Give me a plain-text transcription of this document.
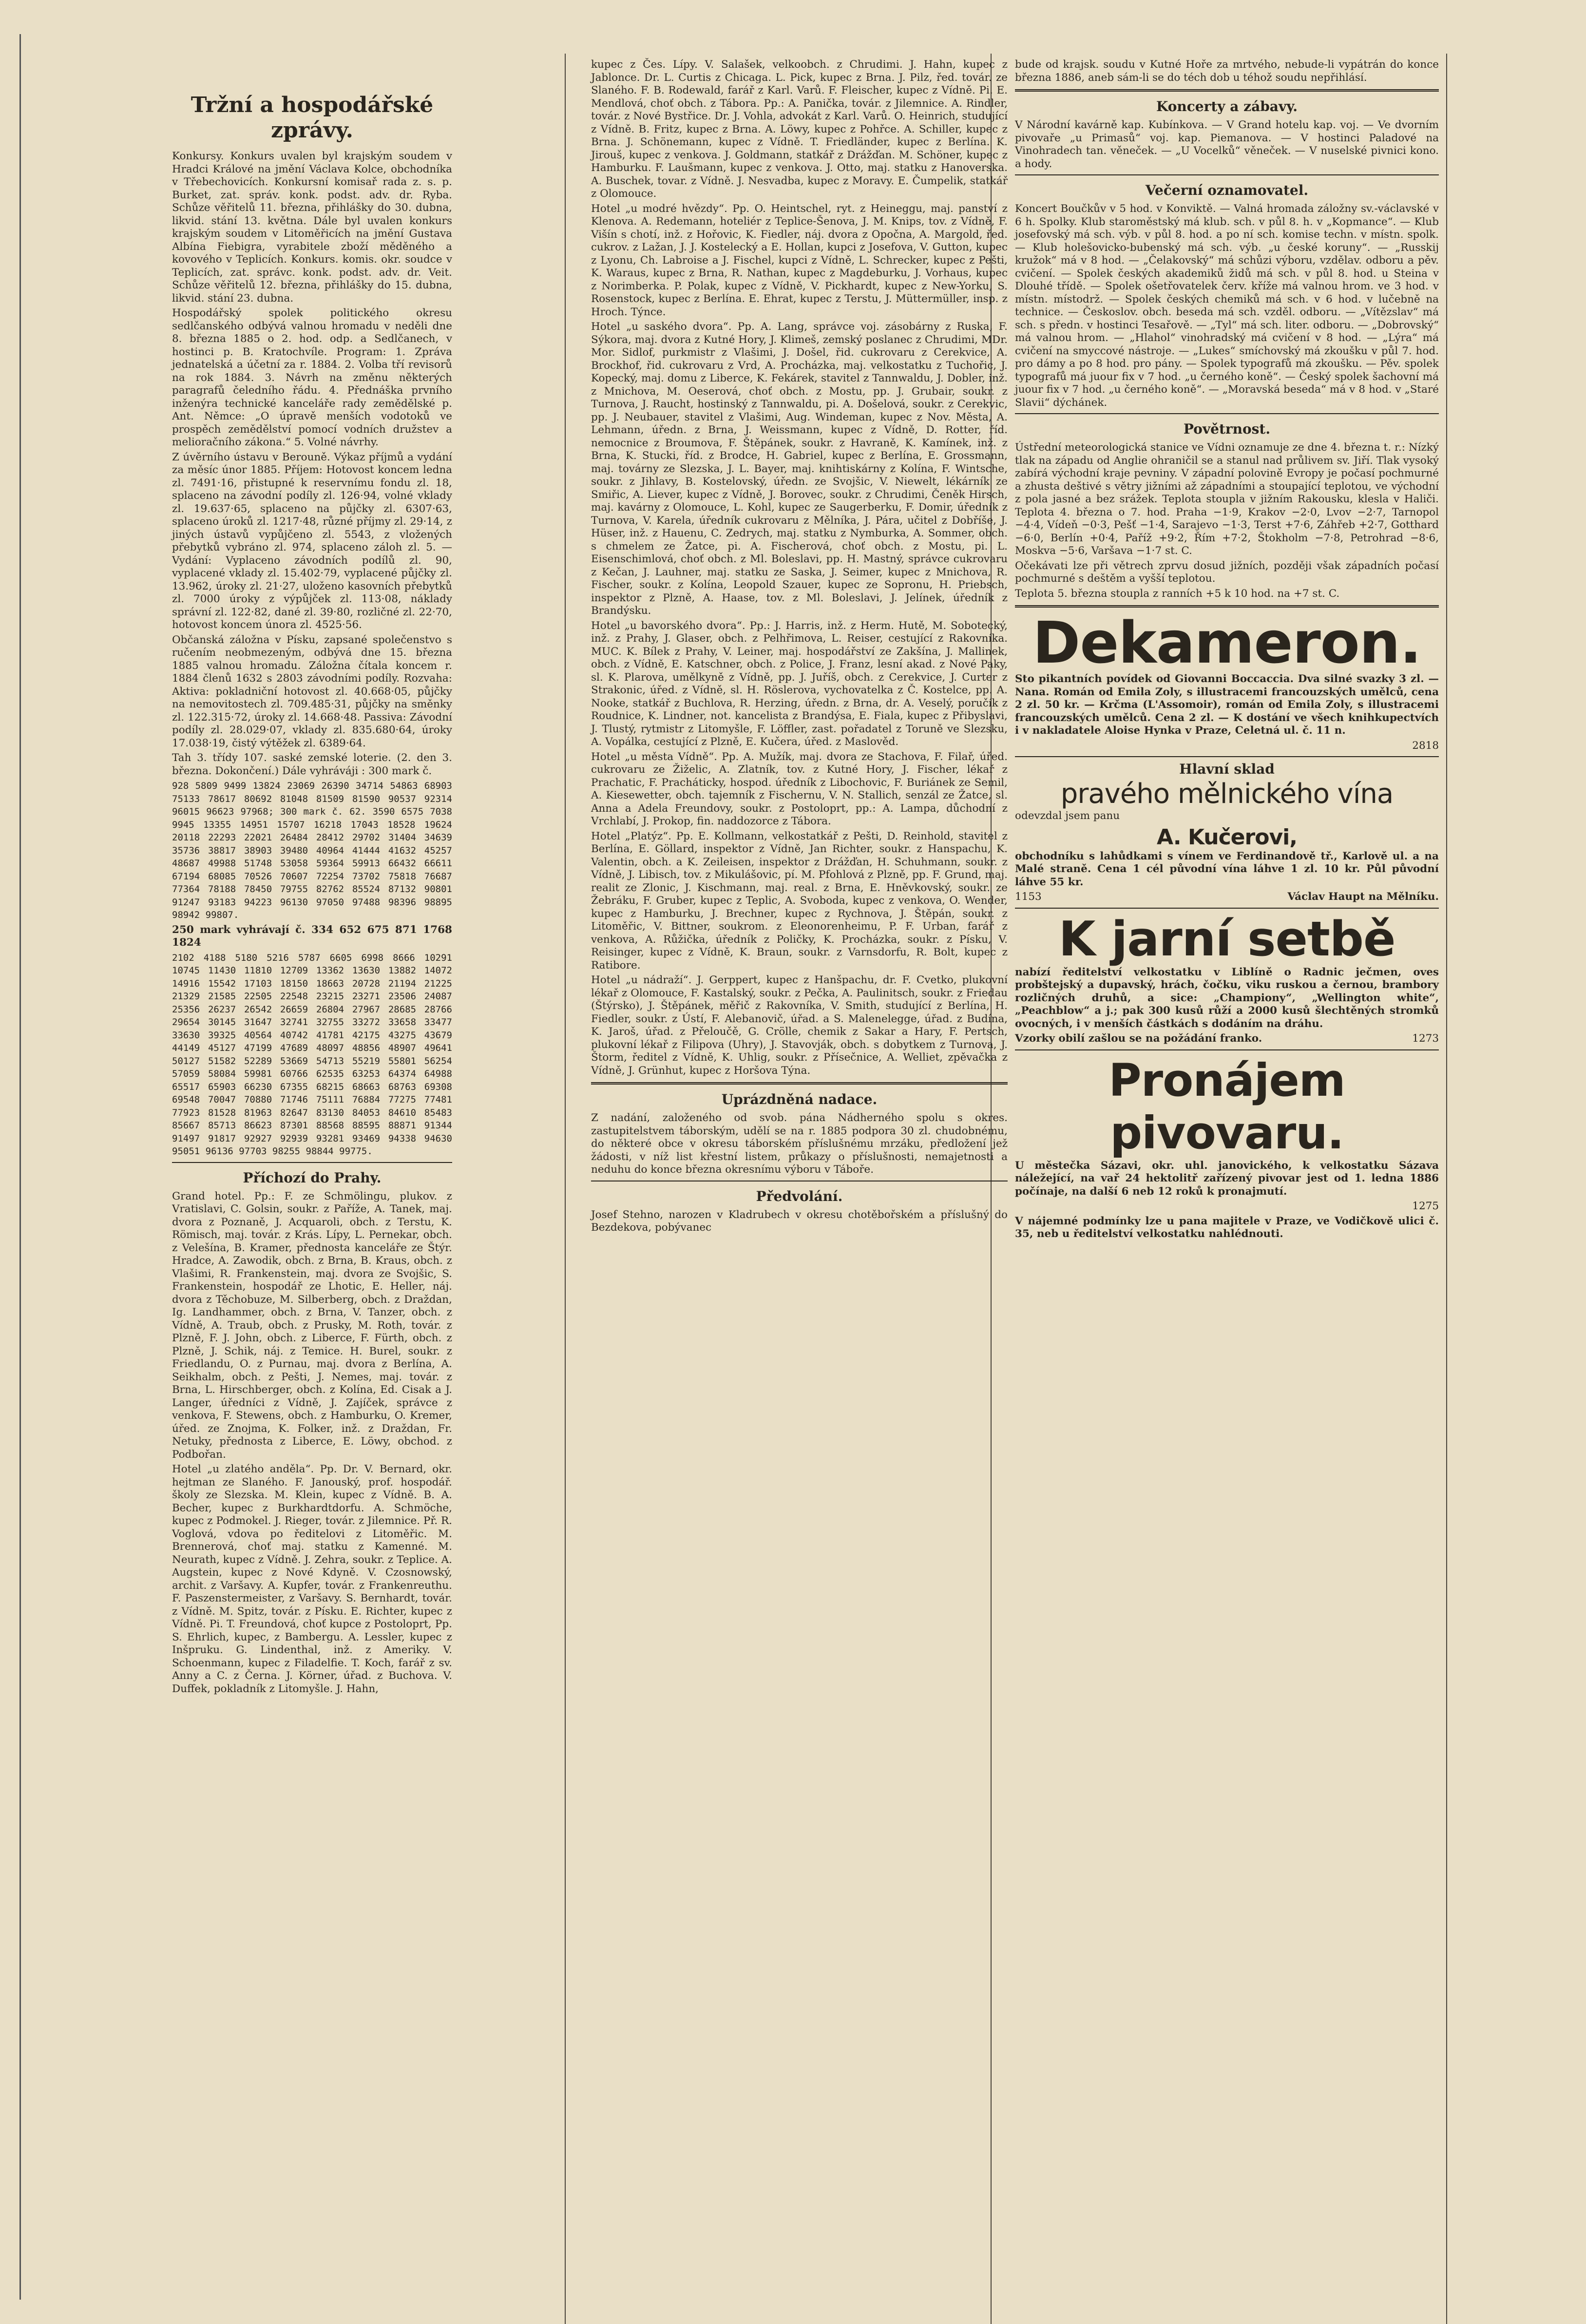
Tržní a hospodářské zprávy.

Konkursy. Konkurs uvalen byl krajským soudem v Hradci Králové na jmění Václava Kolce, obchodníka v Třebechovicích. Konkursní komisař rada z. s. p. Burket, zat. správ. konk. podst. adv. dr. Ryba. Schůze věřitelů 11. března, přihlášky do 30. dubna, likvid. stání 13. května. Dále byl uvalen konkurs krajským soudem v Litoměřicích na jmění Gustava Albína Fiebigra, vyrabitele zboží měděného a kovového v Teplicích. Konkurs. komis. okr. soudce v Teplicích, zat. správc. konk. podst. adv. dr. Veit. Schůze věřitelů 12. března, přihlášky do 15. dubna, likvid. stání 23. dubna.

Hospodářský spolek politického okresu sedlčanského odbývá valnou hromadu v neděli dne 8. března 1885 o 2. hod. odp. a Sedlčanech, v hostinci p. B. Kratochvíle. Program: 1. Zpráva jednatelská a účetní za r. 1884. 2. Volba tří revisorů na rok 1884. 3. Návrh na změnu některých paragrafů čeledního řádu. 4. Přednáška prvního inženýra technické kanceláře rady zemědělské p. Ant. Němce: „O úpravě menších vodotoků ve prospěch zemědělství pomocí vodních družstev a melioračního zákona.“ 5. Volné návrhy.

Z úvěrního ústavu v Berouně. Výkaz příjmů a vydání za měsíc únor 1885. Příjem: Hotovost koncem ledna zl. 7491·16, přistupné k reservnímu fondu zl. 18, splaceno na závodní podíly zl. 126·94, volné vklady zl. 19.637·65, splaceno na půjčky zl. 6307·63, splaceno úroků zl. 1217·48, různé příjmy zl. 29·14, z jiných ústavů vypůjčeno zl. 5543, z vložených přebytků vybráno zl. 974, splaceno záloh zl. 5. — Vydání: Vyplaceno závodních podílů zl. 90, vyplacené vklady zl. 15.402·79, vyplacené půjčky zl. 13.962, úroky zl. 21·27, uloženo kasovních přebytků zl. 7000 úroky z výpůjček zl. 113·08, náklady správní zl. 122·82, dané zl. 39·80, rozličné zl. 22·70, hotovost koncem února zl. 4525·56.

Občanská záložna v Písku, zapsané společenstvo s ručením neobmezeným, odbývá dne 15. března 1885 valnou hromadu. Záložna čítala koncem r. 1884 členů 1632 s 2803 závodními podíly. Rozvaha: Aktiva: pokladniční hotovost zl. 40.668·05, půjčky na nemovitostech zl. 709.485·31, půjčky na směnky zl. 122.315·72, úroky zl. 14.668·48. Passiva: Závodní podíly zl. 28.029·07, vklady zl. 835.680·64, úroky 17.038·19, čistý výtěžek zl. 6389·64.

Tah 3. třídy 107. saské zemské loterie. (2. den 3. března. Dokončení.) Dále vyhráváji : 300 mark č.

928 5809 9499 13824 23069 26390 34714 54863 68903 75133 78617 80692 81048 81509 81590 90537 92314 96015 96623 97968; 300 mark č. 62. 3590 6575 7038 9945 13355 14951 15707 16218 17043 18528 19624 20118 22293 22021 26484 28412 29702 31404 34639 35736 38817 38903 39480 40964 41444 41632 45257 48687 49988 51748 53058 59364 59913 66432 66611 67194 68085 70526 70607 72254 73702 75818 76687 77364 78188 78450 79755 82762 85524 87132 90801 91247 93183 94223 96130 97050 97488 98396 98895 98942 99807.

250 mark vyhrávají č. 334 652 675 871 1768 1824

2102 4188 5180 5216 5787 6605 6998 8666 10291 10745 11430 11810 12709 13362 13630 13882 14072 14916 15542 17103 18150 18663 20728 21194 21225 21329 21585 22505 22548 23215 23271 23506 24087 25356 26237 26542 26659 26804 27967 28685 28766 29654 30145 31647 32741 32755 33272 33658 33477 33630 39325 40564 40742 41781 42175 43275 43679 44149 45127 47199 47689 48097 48856 48907 49641 50127 51582 52289 53669 54713 55219 55801 56254 57059 58084 59981 60766 62535 63253 64374 64988 65517 65903 66230 67355 68215 68663 68763 69308 69548 70047 70880 71746 75111 76884 77275 77481 77923 81528 81963 82647 83130 84053 84610 85483 85667 85713 86623 87301 88568 88595 88871 91344 91497 91817 92927 92939 93281 93469 94338 94630 95051 96136 97703 98255 98844 99775.

Příchozí do Prahy.

Grand hotel. Pp.: F. ze Schmölingu, plukov. z Vratislavi, C. Golsin, soukr. z Paříže, A. Tanek, maj. dvora z Poznaně, J. Acquaroli, obch. z Terstu, K. Römisch, maj. továr. z Krás. Lípy, L. Pernekar, obch. z Velešína, B. Kramer, přednosta kanceláře ze Štýr. Hradce, A. Zawodik, obch. z Brna, B. Kraus, obch. z Vlašimi, R. Frankenstein, maj. dvora ze Svojšic, S. Frankenstein, hospodář ze Lhotic, E. Heller, náj. dvora z Těchobuze, M. Silberberg, obch. z Draždan, Ig. Landhammer, obch. z Brna, V. Tanzer, obch. z Vídně, A. Traub, obch. z Prusky, M. Roth, továr. z Plzně, F. J. John, obch. z Liberce, F. Fürth, obch. z Plzně, J. Schik, náj. z Temice. H. Burel, soukr. z Friedlandu, O. z Purnau, maj. dvora z Berlína, A. Seikhalm, obch. z Pešti, J. Nemes, maj. továr. z Brna, L. Hirschberger, obch. z Kolína, Ed. Cisak a J. Langer, úředníci z Vídně, J. Zajíček, správce z venkova, F. Stewens, obch. z Hamburku, O. Kremer, úřed. ze Znojma, K. Folker, inž. z Draždan, Fr. Netuky, přednosta z Liberce, E. Löwy, obchod. z Podbořan.

Hotel „u zlatého anděla“. Pp. Dr. V. Bernard, okr. hejtman ze Slaného. F. Janouský, prof. hospodář. školy ze Slezska. M. Klein, kupec z Vídně. B. A. Becher, kupec z Burkhardtdorfu. A. Schmöche, kupec z Podmokel. J. Rieger, továr. z Jilemnice. Př. R. Voglová, vdova po ředitelovi z Litoměřic. M. Brennerová, choť maj. statku z Kamenné. M. Neurath, kupec z Vídně. J. Zehra, soukr. z Teplice. A. Augstein, kupec z Nové Kdyně. V. Czosnowský, archit. z Varšavy. A. Kupfer, továr. z Frankenreuthu. F. Paszenstermeister, z Varšavy. S. Bernhardt, továr. z Vídně. M. Spitz, továr. z Písku. E. Richter, kupec z Vídně. Pi. T. Freundová, choť kupce z Postoloprt, Pp. S. Ehrlich, kupec, z Bambergu. A. Lessler, kupec z Inšpruku. G. Lindenthal, inž. z Ameriky. V. Schoenmann, kupec z Filadelfie. T. Koch, farář z sv. Anny a C. z Černa. J. Körner, úřad. z Buchova. V. Duffek, pokladník z Litomyšle. J. Hahn,

kupec z Čes. Lípy. V. Salašek, velkoobch. z Chrudimi. J. Hahn, kupec z Jablonce. Dr. L. Curtis z Chicaga. L. Pick, kupec z Brna. J. Pilz, řed. továr. ze Slaného. F. B. Rodewald, farář z Karl. Varů. F. Fleischer, kupec z Vídně. Pi. E. Mendlová, choť obch. z Tábora. Pp.: A. Panička, továr. z Jilemnice. A. Rindler, továr. z Nové Bystřice. Dr. J. Vohla, advokát z Karl. Varů. O. Heinrich, studující z Vídně. B. Fritz, kupec z Brna. A. Löwy, kupec z Pohřce. A. Schiller, kupec z Brna. J. Schönemann, kupec z Vídně. T. Friedländer, kupec z Berlína. K. Jirouš, kupec z venkova. J. Goldmann, statkář z Drážďan. M. Schöner, kupec z Hamburku. F. Laušmann, kupec z venkova. J. Otto, maj. statku z Hanoverska. A. Buschek, tovar. z Vídně. J. Nesvadba, kupec z Moravy. E. Čumpelik, statkář z Olomouce.

Hotel „u modré hvězdy“. Pp. O. Heintschel, ryt. z Heineggu, maj. panství z Klenova. A. Redemann, hoteliér z Teplice-Šenova, J. M. Knips, tov. z Vídně, F. Višín s chotí, inž. z Hořovic, K. Fiedler, náj. dvora z Opočna, A. Margold, řed. cukrov. z Lažan, J. J. Kostelecký a E. Hollan, kupci z Josefova, V. Gutton, kupec z Lyonu, Ch. Labroise a J. Fischel, kupci z Vídně, L. Schrecker, kupec z Pešti, K. Waraus, kupec z Brna, R. Nathan, kupec z Magdeburku, J. Vorhaus, kupec z Norimberka. P. Polak, kupec z Vídně, V. Pickhardt, kupec z New-Yorku, S. Rosenstock, kupec z Berlína. E. Ehrat, kupec z Terstu, J. Müttermüller, insp. z Hroch. Týnce.

Hotel „u saského dvora“. Pp. A. Lang, správce voj. zásobárny z Ruska, F. Sýkora, maj. dvora z Kutné Hory, J. Klimeš, zemský poslanec z Chrudimi, MDr. Mor. Sidlof, purkmistr z Vlašimi, J. Došel, řid. cukrovaru z Cerekvice, A. Brockhof, řid. cukrovaru z Vrd, A. Procházka, maj. velkostatku z Tuchořic, J. Kopecký, maj. domu z Liberce, K. Fekárek, stavitel z Tannwaldu, J. Dobler, inž. z Mnichova, M. Oeserová, choť obch. z Mostu, pp. J. Grubair, soukr. z Turnova, J. Raucht, hostinský z Tannwaldu, pi. A. Došelová, soukr. z Cerekvic, pp. J. Neubauer, stavitel z Vlašimi, Aug. Windeman, kupec z Nov. Města, A. Lehmann, úředn. z Brna, J. Weissmann, kupec z Vídně, D. Rotter, říd. nemocnice z Broumova, F. Štěpánek, soukr. z Havraně, K. Kamínek, inž. z Brna, K. Stucki, říd. z Brodce, H. Gabriel, kupec z Berlína, E. Grossmann, maj. továrny ze Slezska, J. L. Bayer, maj. knihtiskárny z Kolína, F. Wintsche, soukr. z Jihlavy, B. Kostelovský, úředn. ze Svojšic, V. Niewelt, lékárník ze Smiřic, A. Liever, kupec z Vídně, J. Borovec, soukr. z Chrudimi, Čeněk Hirsch, maj. kavárny z Olomouce, L. Kohl, kupec ze Saugerberku, F. Domir, úředník z Turnova, V. Karela, úředník cukrovaru z Mělníka, J. Pára, učitel z Dobříše, J. Hüser, inž. z Hauenu, C. Zedrych, maj. statku z Nymburka, A. Sommer, obch. s chmelem ze Žatce, pi. A. Fischerová, choť obch. z Mostu, pi. L. Eisenschimlová, choť obch. z Ml. Boleslavi, pp. H. Mastný, správce cukrovaru z Kečan, J. Lauhner, maj. statku ze Saska, J. Seimer, kupec z Mnichova, R. Fischer, soukr. z Kolína, Leopold Szauer, kupec ze Sopronu, H. Priebsch, inspektor z Plzně, A. Haase, tov. z Ml. Boleslavi, J. Jelínek, úředník z Brandýsku.

Hotel „u bavorského dvora“. Pp.: J. Harris, inž. z Herm. Hutě, M. Sobotecký, inž. z Prahy, J. Glaser, obch. z Pelhřimova, L. Reiser, cestující z Rakovníka. MUC. K. Bílek z Prahy, V. Leiner, maj. hospodářství ze Zakšína, J. Mallinek, obch. z Vídně, E. Katschner, obch. z Police, J. Franz, lesní akad. z Nové Paky, sl. K. Plarova, umělkyně z Vídně, pp. J. Juříš, obch. z Cerekvice, J. Curter z Strakonic, úřed. z Vídně, sl. H. Röslerova, vychovatelka z Č. Kostelce, pp. A. Nooke, statkář z Buchlova, R. Herzing, úředn. z Brna, dr. A. Veselý, poručík z Roudnice, K. Lindner, not. kancelista z Brandýsa, E. Fiala, kupec z Přibyslavi, J. Tlustý, rytmistr z Litomyšle, F. Löffler, zast. pořadatel z Toruně ve Slezsku, A. Vopálka, cestující z Plzně, E. Kučera, úřed. z Maslověd.

Hotel „u města Vídně“. Pp. A. Mužík, maj. dvora ze Stachova, F. Filař, úřed. cukrovaru ze Žiželic, A. Zlatník, tov. z Kutné Hory, J. Fischer, lékař z Prachatic, F. Pracháticky, hospod. úředník z Libochovic, F. Buriánek ze Semil, A. Kiesewetter, obch. tajemník z Fischernu, V. N. Stallich, senzál ze Žatce, sl. Anna a Adela Freundovy, soukr. z Postoloprt, pp.: A. Lampa, důchodní z Vrchlabí, J. Prokop, fin. naddozorce z Tábora.

Hotel „Platýz“. Pp. E. Kollmann, velkostatkář z Pešti, D. Reinhold, stavitel z Berlína, E. Göllard, inspektor z Vídně, Jan Richter, soukr. z Hanspachu, K. Valentin, obch. a K. Zeileisen, inspektor z Drážďan, H. Schuhmann, soukr. z Vídně, J. Libisch, tov. z Mikulášovic, pí. M. Pfohlová z Plzně, pp. F. Grund, maj. realit ze Zlonic, J. Kischmann, maj. real. z Brna, E. Hněvkovský, soukr. ze Žebráku, F. Gruber, kupec z Teplic, A. Svoboda, kupec z venkova, O. Wender, kupec z Hamburku, J. Brechner, kupec z Rychnova, J. Štěpán, soukr. z Litoměřic, V. Bittner, soukrom. z Eleonorenheimu, P. F. Urban, farář z venkova, A. Růžička, úředník z Poličky, K. Procházka, soukr. z Písku, V. Reisinger, kupec z Vídně, K. Braun, soukr. z Varnsdorfu, R. Bolt, kupec z Ratibore.

Hotel „u nádraží“. J. Gerppert, kupec z Hanšpachu, dr. F. Cvetko, plukovní lékař z Olomouce, F. Kastalský, soukr. z Pečka, A. Paulinitsch, soukr. z Friedau (Štýrsko), J. Štěpánek, měřič z Rakovníka, V. Smith, studující z Berlína, H. Fiedler, soukr. z Ústí, F. Alebanovič, úřad. a S. Malenelegge, úřad. z Budína, K. Jaroš, úřad. z Přeloučě, G. Crölle, chemik z Sakar a Hary, F. Pertsch, plukovní lékař z Filipova (Uhry), J. Stavovják, obch. s dobytkem z Turnova, J. Štorm, ředitel z Vídně, K. Uhlig, soukr. z Přísečnice, A. Welliet, zpěvačka z Vídně, J. Grünhut, kupec z Horšova Týna.

Uprázdněná nadace.

Z nadání, založeného od svob. pána Nádherného spolu s okres. zastupitelstvem táborským, udělí se na r. 1885 podpora 30 zl. chudobnému, do některé obce v okresu táborském příslušnému mrzáku, předložení jež žádosti, v níž list křestní listem, průkazy o příslušnosti, nemajetnosti a neduhu do konce března okresnímu výboru v Táboře.

Předvolání.

Josef Stehno, narozen v Kladrubech v okresu chotěbořském a příslušný do Bezdekova, pobývanec

bude od krajsk. soudu v Kutné Hoře za mrtvého, nebude-li vypátrán do konce března 1886, aneb sám-li se do téch dob u téhož soudu nepřihlásí.

Koncerty a zábavy.

V Národní kavárně kap. Kubínkova. — V Grand hotelu kap. voj. — Ve dvorním pivovaře „u Primasů“ voj. kap. Piemanova. — V hostinci Paladové na Vinohradech tan. věneček. — „U Vocelků“ věneček. — V nuselské pivnici kono. a hody.

Večerní oznamovatel.

Koncert Boučkův v 5 hod. v Konviktě. — Valná hromada záložny sv.-václavské v 6 h. Spolky. Klub staroměstský má klub. sch. v půl 8. h. v „Kopmance“. — Klub josefovský má sch. výb. v půl 8. hod. a po ní sch. komise techn. v místn. spolk. — Klub holešovicko-bubenský má sch. výb. „u české koruny“. — „Russkij kružok“ má v 8 hod. — „Čelakovský“ má schůzi výboru, vzdělav. odboru a pěv. cvičení. — Spolek českých akademiků židů má sch. v půl 8. hod. u Steina v Dlouhé třídě. — Spolek ošetřovatelek červ. kříže má valnou hrom. ve 3 hod. v místn. místodrž. — Spolek českých chemiků má sch. v 6 hod. v lučebně na technice. — Českoslov. obch. beseda má sch. vzděl. odboru. — „Vítězslav“ má sch. s předn. v hostinci Tesařově. — „Tyl“ má sch. liter. odboru. — „Dobrovský“ má valnou hrom. — „Hlahol“ vinohradský má cvičení v 8 hod. — „Lýra“ má cvičení na smyccové nástroje. — „Lukes“ smíchovský má zkoušku v půl 7. hod. pro dámy a po 8 hod. pro pány. — Spolek typografů má zkoušku. — Pěv. spolek typografů má juour fix v 7 hod. „u černého koně“. — Český spolek šachovní má juour fix v 7 hod. „u černého koně“. — „Moravská beseda“ má v 8 hod. v „Staré Slavii“ dýchánek.

Povětrnost.

Ústřední meteorologická stanice ve Vídni oznamuje ze dne 4. března t. r.: Nízký tlak na západu od Anglie ohraničil se a stanul nad průlivem sv. Jiří. Tlak vysoký zabírá východní kraje pevniny. V západní polovině Evropy je počasí pochmurné a zhusta deštivé s větry jižními až západními a stoupající teplotou, ve východní z pola jasné a bez srážek. Teplota stoupla v jižním Rakousku, klesla v Haliči. Teplota 4. března o 7. hod. Praha −1·9, Krakov −2·0, Lvov −2·7, Tarnopol −4·4, Vídeň −0·3, Pešť −1·4, Sarajevo −1·3, Terst +7·6, Záhřeb +2·7, Gotthard −6·0, Berlín +0·4, Paříž +9·2, Řím +7·2, Štokholm −7·8, Petrohrad −8·6, Moskva −5·6, Varšava −1·7 st. C.

Očekávati lze při větrech zprvu dosud jižních, později však západních počasí pochmurné s deštěm a vyšší teplotou.

Teplota 5. března stoupla z ranních +5 k 10 hod. na +7 st. C.

Dekameron.

Sto pikantních povídek od Giovanni Boccaccia. Dva silné svazky 3 zl. — Nana. Román od Emila Zoly, s illustracemi francouzských umělců, cena 2 zl. 50 kr. — Krčma (L'Assomoir), román od Emila Zoly, s illustracemi francouzských umělců. Cena 2 zl. — K dostání ve všech knihkupectvích i v nakladatele Aloise Hynka v Praze, Celetná ul. č. 11 n.

2818

Hlavní sklad
pravého mělnického vína

odevzdal jsem panu

A. Kučerovi,

obchodníku s lahůdkami s vínem ve Ferdinandově tř., Karlově ul. a na Malé straně. Cena 1 cél původní vína láhve 1 zl. 10 kr. Půl původní láhve 55 kr.

1153	Václav Haupt na Mělníku.

K jarní setbě

nabízí ředitelství velkostatku v Liblíně o Radnic ječmen, oves probštejský a dupavský, hrách, čočku, viku ruskou a černou, brambory rozličných druhů, a sice: „Championy“, „Wellington white“, „Peachblow“ a j.; pak 300 kusů růží a 2000 kusů šlechtěných stromků ovocných, i v menších částkách s dodáním na dráhu.

Vzorky obilí zašlou se na požádání franko.	1273

Pronájem pivovaru.

U městečka Sázavi, okr. uhl. janovického, k velkostatku Sázava náležející, na vař 24 hektolitř zařízený pivovar jest od 1. ledna 1886 počínaje, na další 6 neb 12 roků k pronajmutí.

1275

V nájemné podmínky lze u pana majitele v Praze, ve Vodičkově ulici č. 35, neb u ředitelství velkostatku nahlédnouti.
